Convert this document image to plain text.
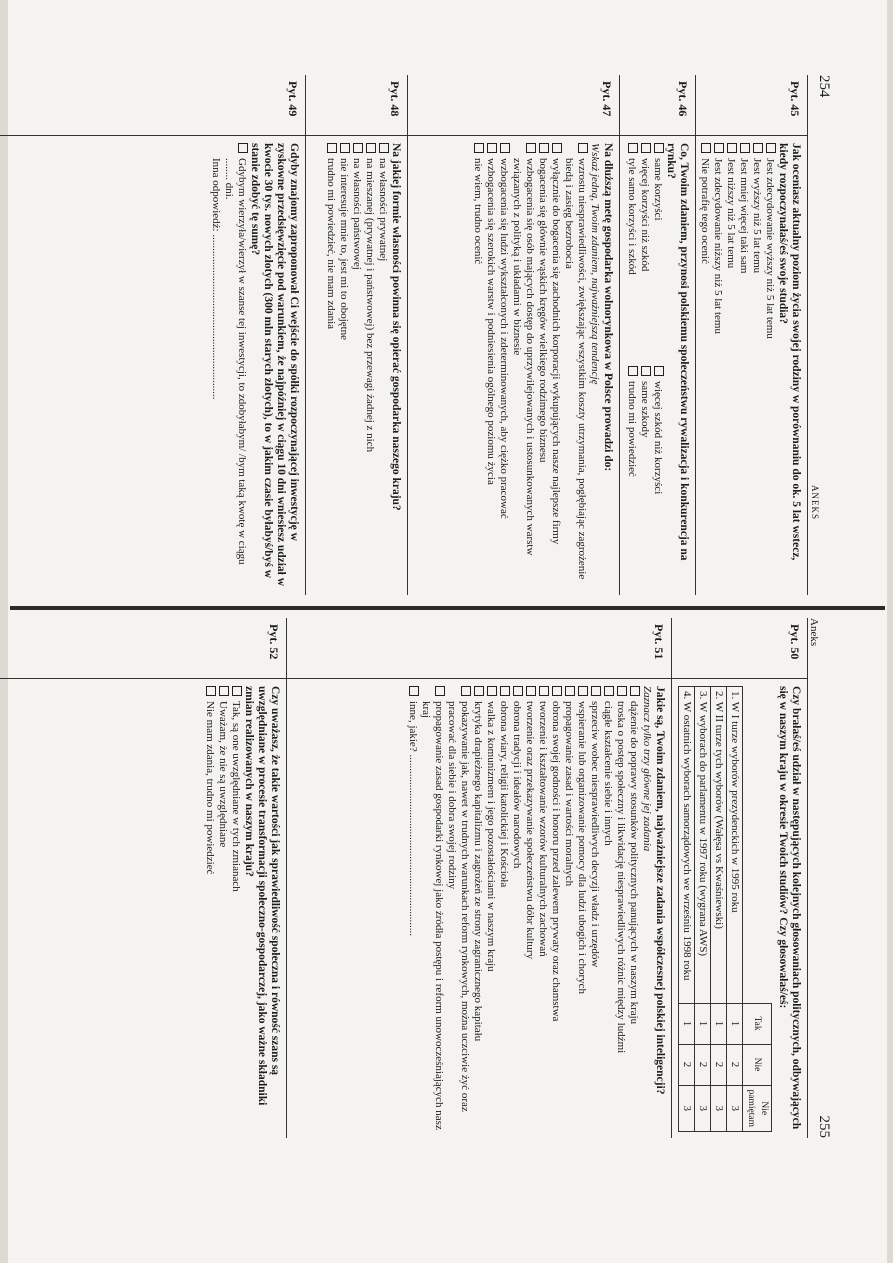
254
ANEKS
Pyt. 45
Jak oceniasz aktualny poziom życia swojej rodziny w porównaniu do ok. 5 lat wstecz, kiedy rozpoczynałaś/eś swoje studia?
Jest zdecydowanie wyższy niż 5 lat temu
Jest wyższy niż 5 lat temu
Jest mniej więcej taki sam
Jest niższy niż 5 lat temu
Jest zdecydowanie niższy niż 5 lat temu
Nie potrafię tego ocenić
Pyt. 46
Co, Twoim zdaniem, przynosi polskiemu społeczeństwu rywalizacja i konkurencja na rynku?
same korzyści
więcej korzyści niż szkód
tyle samo korzyści i szkód
więcej szkód niż korzyści
same szkody
trudno mi powiedzieć
Pyt. 47
Na dłuższą metę gospodarka wolnorynkowa w Polsce prowadzi do:
Wskaż jedną, Twoim zdaniem, najważniejszą tendencję
wzrostu niesprawiedliwości, zwiększając wszystkim koszty utrzymania, pogłębiając zagrożenie biedą i zasięg bezrobocia
wyłącznie do bogacenia się zachodnich korporacji wykupujących nasze najlepsze firmy
bogacenia się głównie wąskich kręgów wielkiego rodzimego biznesu
wzbogacenia się osób mających dostęp do uprzywilejowanych i ustosunkowanych warstw związanych z polityką i układami w biznesie
wzbogacenia się ludzi wykształconych i zdeterminowanych, aby ciężko pracować
wzbogacenia się szerokich warstw i podniesienia ogólnego poziomu życia
nie wiem, trudno ocenić
Pyt. 48
Na jakiej formie własności powinna się opierać gospodarka naszego kraju?
na własności prywatnej
na mieszanej (prywatnej i państwowej) bez przewagi żadnej z nich
na własności państwowej
nie interesuje mnie to, jest mi to obojętne
trudno mi powiedzieć, nie mam zdania
Pyt. 49
Gdyby znajomy zaproponował Ci wejście do spółki rozpoczynającej inwestycję w zyskowne przedsięwzięcie pod warunkiem, że najpóźniej w ciągu 10 dni wniesiesz udział w kwocie 30 tys. nowych złotych (300 mln starych złotych), to w jakim czasie byłabyś/byś w stanie zdobyć tę sumę?
Gdybym wierzyła/wierzył w szanse tej inwestycji, to zdobyłabym/ /bym taką kwotę w ciągu ........ dni.
Inna odpowiedź: ............................................................
Aneks
255
Pyt. 50
Czy brałaś/eś udział w następujących kolejnych głosowaniach politycznych, odbywających się w naszym kraju w okresie Twoich studiów? Czy głosowałaś/eś:
	Tak	Nie	Nie pamiętam
1. W I turze wyborów prezydenckich w 1995 roku	1	2	3
2. W II turze tych wyborów (Wałęsa vs Kwaśniewski)	1	2	3
3. W wyborach do parlamentu w 1997 roku (wygrana AWS)	1	2	3
4. W ostatnich wyborach samorządowych we wrześniu 1998 roku	1	2	3
Pyt. 51
Jakie są, Twoim zdaniem, najważniejsze zadania współczesnej polskiej inteligencji?
Zaznacz tylko trzy główne jej zadania
dążenie do poprawy stosunków politycznych panujących w naszym kraju
troska o postęp społeczny i likwidację niesprawiedliwych różnic między ludźmi
ciągłe kształcenie siebie i innych
sprzeciw wobec niesprawiedliwych decyzji władz i urzędów
wspieranie lub organizowanie pomocy dla ludzi ubogich i chorych
propagowanie zasad i wartości moralnych
obrona swojej godności i honoru przed zalewem prywaty oraz chamstwa
tworzenie i kształtowanie wzorów kulturalnych zachowań
tworzenie oraz przekazywanie społeczeństwu dóbr kultury
obrona tradycji i ideałów narodowych
obrona wiary, religii katolickiej i Kościoła
walka z komunizmem i jego pozostałościami w naszym kraju
krytyka drapieżnego kapitalizmu i zagrożeń ze strony zagranicznego kapitału
pokazywanie jak, nawet w trudnych warunkach reform rynkowych, można uczciwie żyć oraz pracować dla siebie i dobra swojej rodziny
propagowanie zasad gospodarki rynkowej jako źródła postępu i reform unowocześniających nasz kraj
inne, jakie? ..................................................................
Pyt. 52
Czy uważasz, że takie wartości jak sprawiedliwość społeczna i równość szans są uwzględniane w procesie transformacji społeczno-gospodarczej, jako ważne składniki zmian realizowanych w naszym kraju?
Tak, są one uwzględniane w tych zmianach
Uważam, że nie są uwzględniane
Nie mam zdania, trudno mi powiedzieć
